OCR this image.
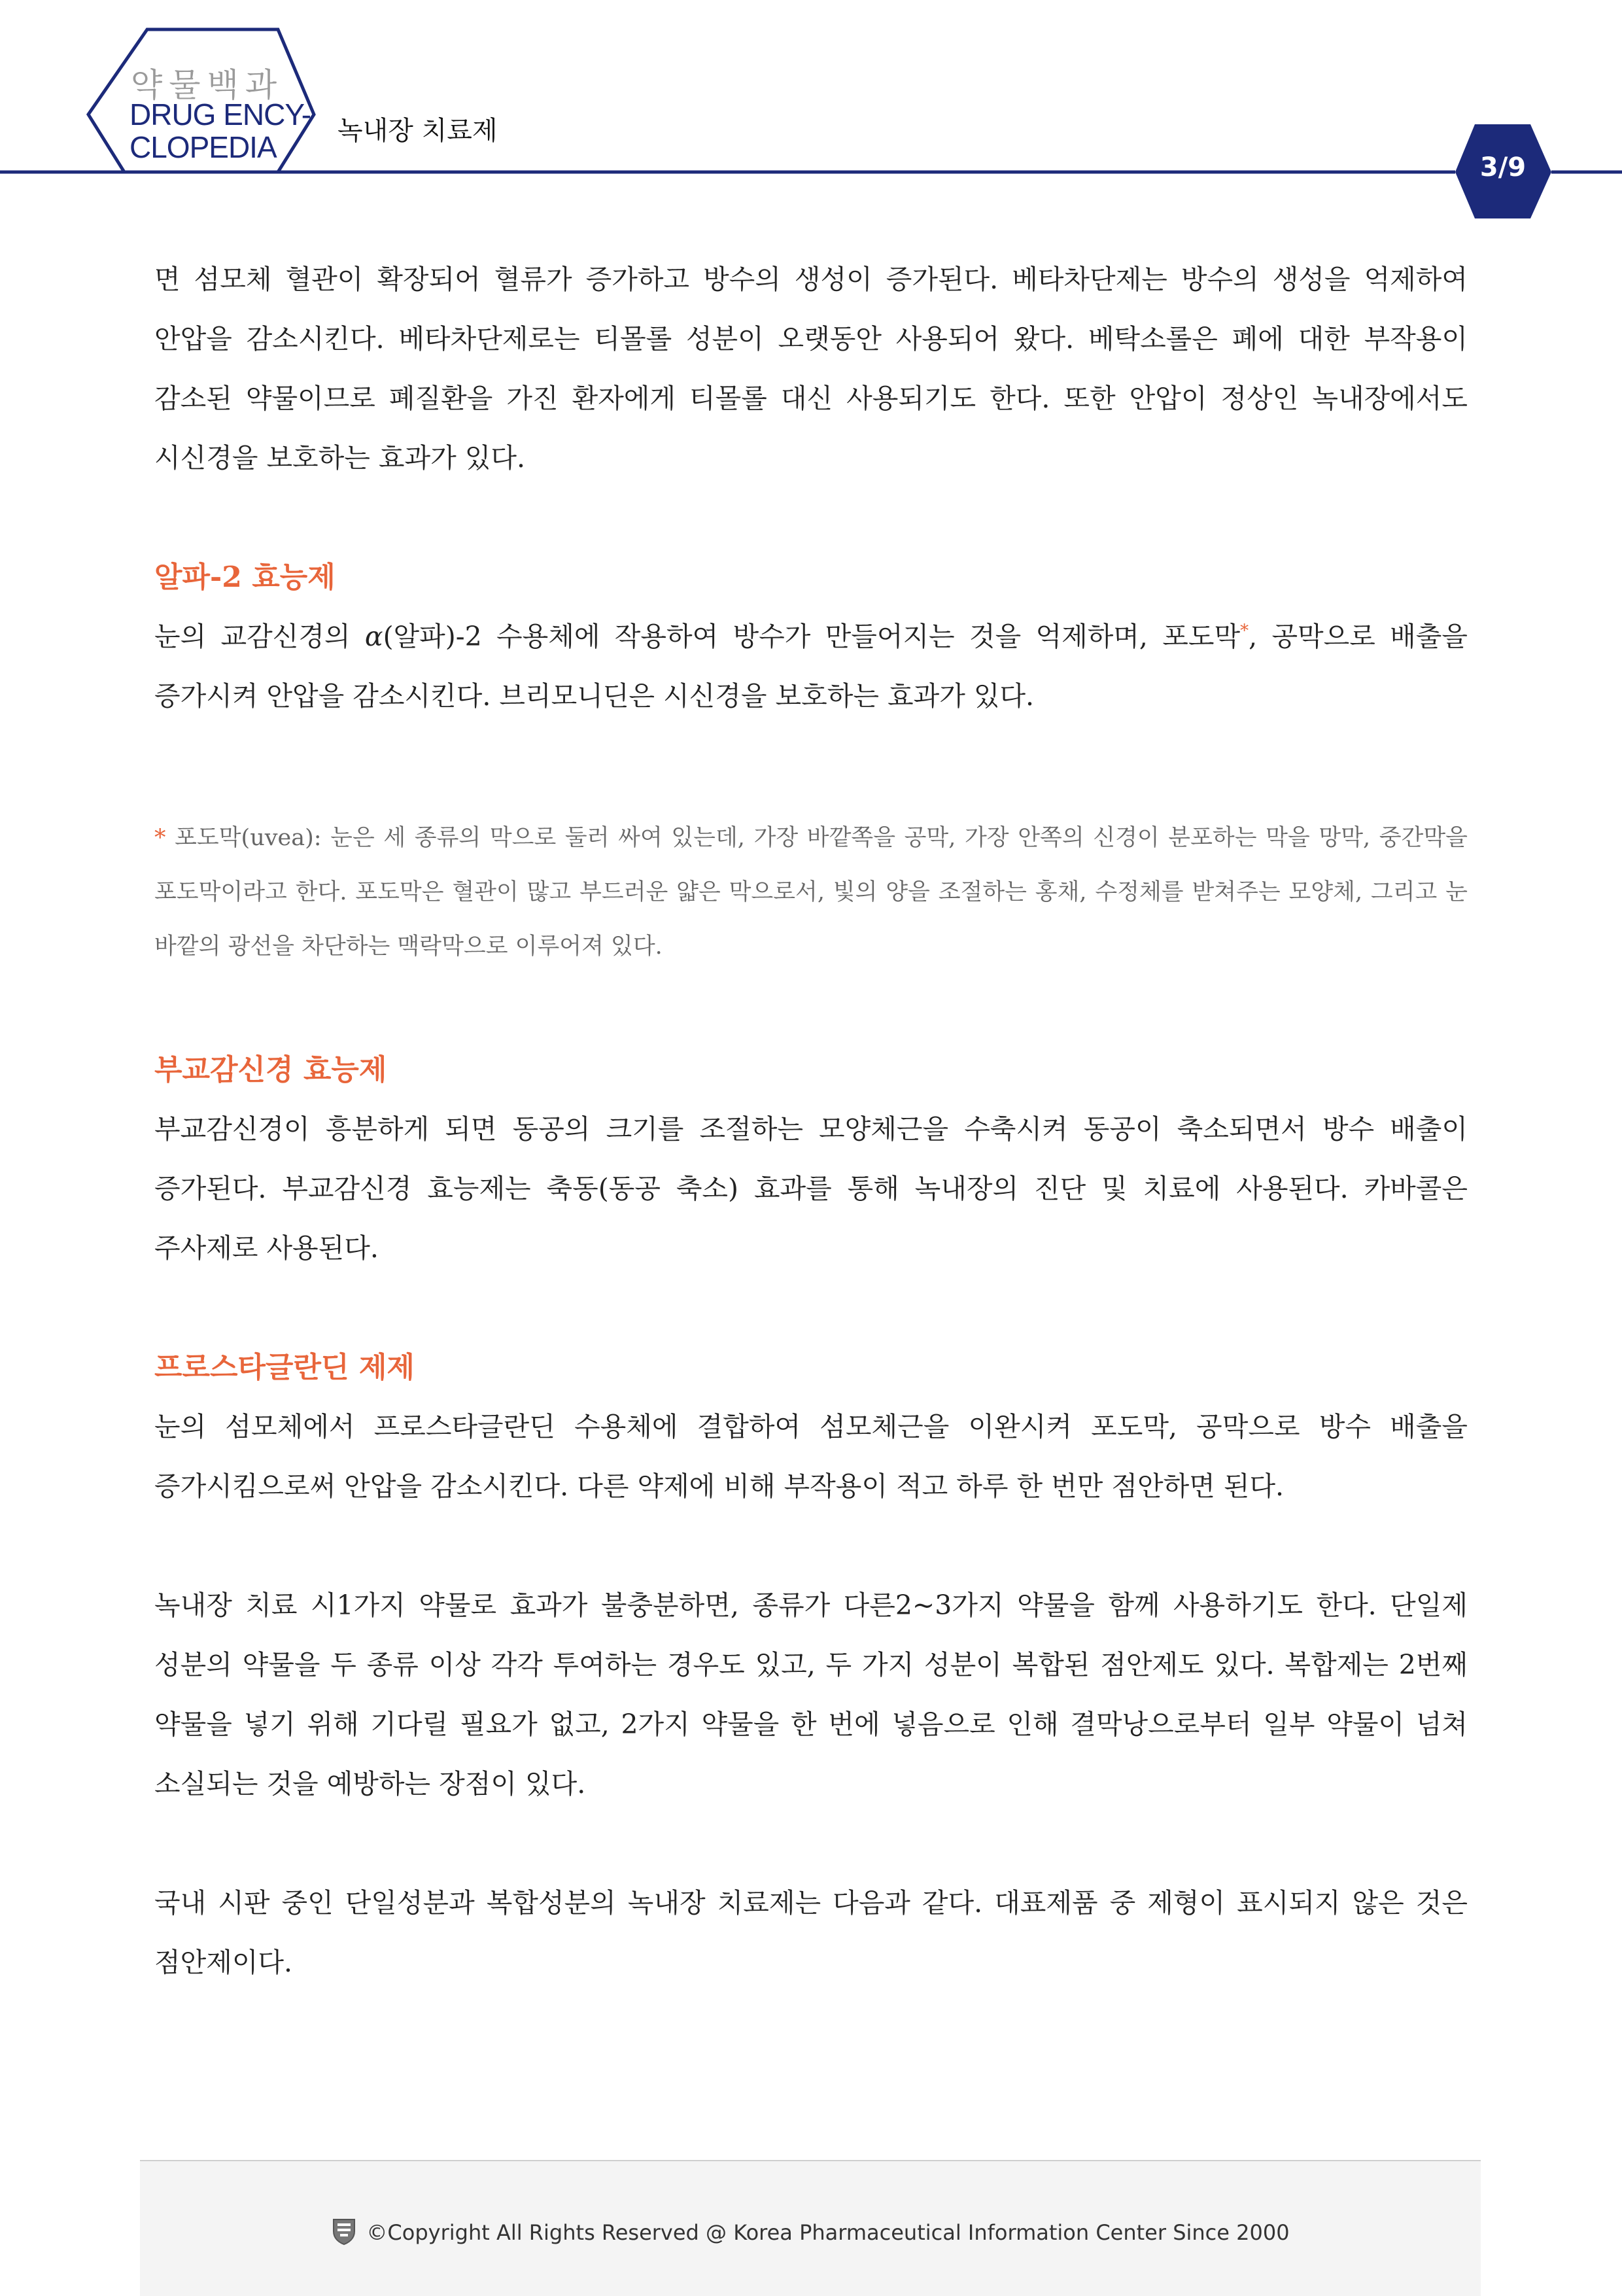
약물백과
DRUG ENCY-
CLOPEDIA	녹내장 치료제
3/9

면 섬모체 혈관이 확장되어 혈류가 증가하고 방수의 생성이 증가된다. 베타차단제는 방수의 생성을 억제하여 안압을 감소시킨다. 베타차단제로는 티몰롤 성분이 오랫동안 사용되어 왔다. 베탁소롤은 폐에 대한 부작용이 감소된 약물이므로 폐질환을 가진 환자에게 티몰롤 대신 사용되기도 한다. 또한 안압이 정상인 녹내장에서도 시신경을 보호하는 효과가 있다.

알파-2 효능제

눈의 교감신경의 α(알파)-2 수용체에 작용하여 방수가 만들어지는 것을 억제하며, 포도막*, 공막으로 배출을 증가시켜 안압을 감소시킨다. 브리모니딘은 시신경을 보호하는 효과가 있다.

* 포도막(uvea): 눈은 세 종류의 막으로 둘러 싸여 있는데, 가장 바깥쪽을 공막, 가장 안쪽의 신경이 분포하는 막을 망막, 중간막을 포도막이라고 한다. 포도막은 혈관이 많고 부드러운 얇은 막으로서, 빛의 양을 조절하는 홍채, 수정체를 받쳐주는 모양체, 그리고 눈 바깥의 광선을 차단하는 맥락막으로 이루어져 있다.

부교감신경 효능제

부교감신경이 흥분하게 되면 동공의 크기를 조절하는 모양체근을 수축시켜 동공이 축소되면서 방수 배출이 증가된다. 부교감신경 효능제는 축동(동공 축소) 효과를 통해 녹내장의 진단 및 치료에 사용된다. 카바콜은 주사제로 사용된다.

프로스타글란딘 제제

눈의 섬모체에서 프로스타글란딘 수용체에 결합하여 섬모체근을 이완시켜 포도막, 공막으로 방수 배출을 증가시킴으로써 안압을 감소시킨다. 다른 약제에 비해 부작용이 적고 하루 한 번만 점안하면 된다.

녹내장 치료 시1가지 약물로 효과가 불충분하면, 종류가 다른2~3가지 약물을 함께 사용하기도 한다. 단일제 성분의 약물을 두 종류 이상 각각 투여하는 경우도 있고, 두 가지 성분이 복합된 점안제도 있다. 복합제는 2번째 약물을 넣기 위해 기다릴 필요가 없고, 2가지 약물을 한 번에 넣음으로 인해 결막낭으로부터 일부 약물이 넘쳐 소실되는 것을 예방하는 장점이 있다.

국내 시판 중인 단일성분과 복합성분의 녹내장 치료제는 다음과 같다. 대표제품 중 제형이 표시되지 않은 것은 점안제이다.

©Copyright All Rights Reserved @ Korea Pharmaceutical Information Center Since 2000
